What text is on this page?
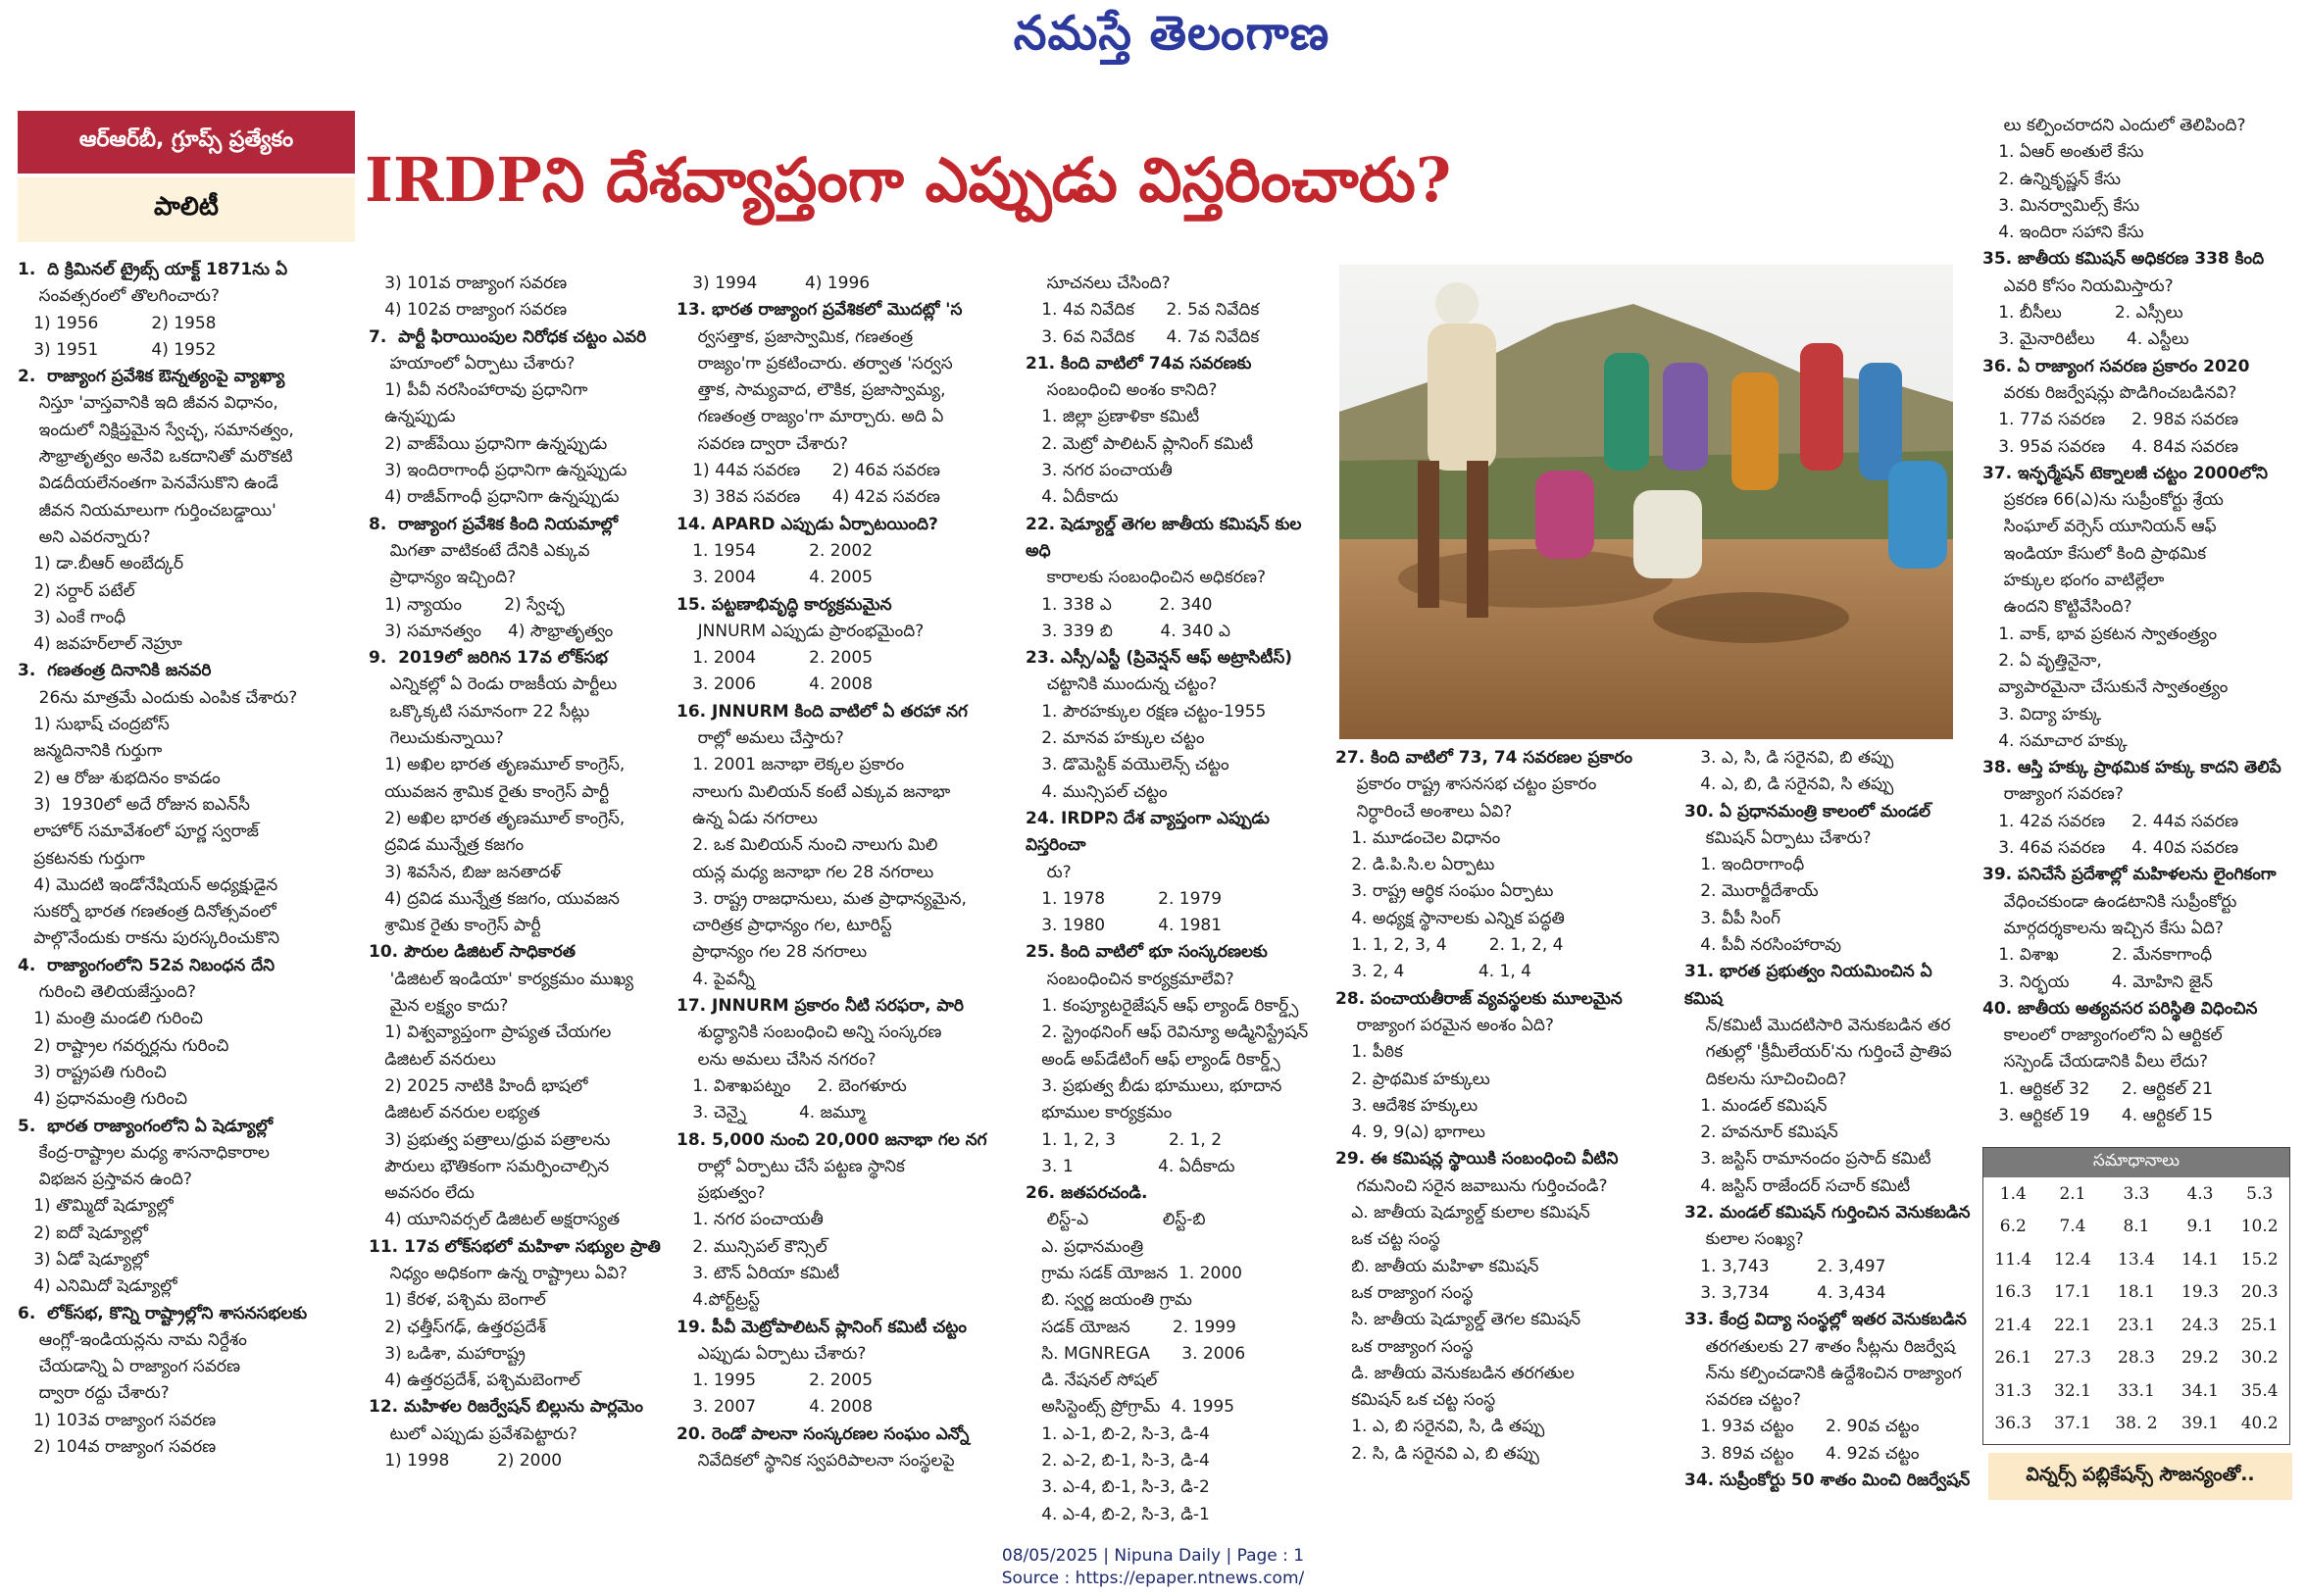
నమస్తే తెలంగాణ
ఆర్‌ఆర్‌బీ, గ్రూప్స్ ప్రత్యేకం
పాలిటీ	IRDPని దేశవ్యాప్తంగా ఎప్పుడు విస్తరించారు?

1.  ది క్రిమినల్ ట్రైబ్స్ యాక్ట్ 1871ను ఏ

సంవత్సరంలో తొలగించారు?

1) 1956          2) 1958

3) 1951          4) 1952

2.  రాజ్యాంగ ప్రవేశిక ఔన్నత్యంపై వ్యాఖ్యా

నిస్తూ 'వాస్తవానికి ఇది జీవన విధానం,

ఇందులో నిక్షిప్తమైన స్వేచ్ఛ, సమానత్వం,

సౌభ్రాతృత్వం అనేవి ఒకదానితో మరొకటి

విడదీయలేనంతగా పెనవేసుకొని ఉండే

జీవన నియమాలుగా గుర్తించబడ్డాయి'

అని ఎవరన్నారు?

1) డా.బీఆర్ అంబేద్కర్

2) సర్దార్ పటేల్

3) ఎంకే గాంధీ

4) జవహర్‌లాల్ నెహ్రూ

3.  గణతంత్ర దినానికి జనవరి

26ను మాత్రమే ఎందుకు ఎంపిక చేశారు?

1) సుభాష్ చంద్రబోస్

జన్మదినానికి గుర్తుగా

2) ఆ రోజు శుభదినం కావడం

3)  1930లో అదే రోజున ఐఎన్‌సీ

లాహోర్ సమావేశంలో పూర్ణ స్వరాజ్

ప్రకటనకు గుర్తుగా

4) మొదటి ఇండోనేషియన్ అధ్యక్షుడైన

సుకర్నో భారత గణతంత్ర దినోత్సవంలో

పాల్గొనేందుకు రాకను పురస్కరించుకొని

4.  రాజ్యాంగంలోని 52వ నిబంధన దేని

గురించి తెలియజేస్తుంది?

1) మంత్రి మండలి గురించి

2) రాష్ట్రాల గవర్నర్లను గురించి

3) రాష్ట్రపతి గురించి

4) ప్రధానమంత్రి గురించి

5.  భారత రాజ్యాంగంలోని ఏ షెడ్యూల్లో

కేంద్ర-రాష్ట్రాల మధ్య శాసనాధికారాల

విభజన ప్రస్తావన ఉంది?

1) తొమ్మిదో షెడ్యూల్లో

2) ఐదో షెడ్యూల్లో

3) ఏడో షెడ్యూల్లో

4) ఎనిమిదో షెడ్యూల్లో

6.  లోక్‌సభ, కొన్ని రాష్ట్రాల్లోని శాసనసభలకు

ఆంగ్లో-ఇండియన్లను నామ నిర్దేశం

చేయడాన్ని ఏ రాజ్యాంగ సవరణ

ద్వారా రద్దు చేశారు?

1) 103వ రాజ్యాంగ సవరణ

2) 104వ రాజ్యాంగ సవరణ

3) 101వ రాజ్యాంగ సవరణ

4) 102వ రాజ్యాంగ సవరణ

7.  పార్టీ ఫిరాయింపుల నిరోధక చట్టం ఎవరి

హయాంలో ఏర్పాటు చేశారు?

1) పీవీ నరసింహారావు ప్రధానిగా

ఉన్నప్పుడు

2) వాజ్‌పేయి ప్రధానిగా ఉన్నప్పుడు

3) ఇందిరాగాంధీ ప్రధానిగా ఉన్నప్పుడు

4) రాజీవ్‌గాంధీ ప్రధానిగా ఉన్నప్పుడు

8.  రాజ్యాంగ ప్రవేశిక కింది నియమాల్లో

మిగతా వాటికంటే దేనికి ఎక్కువ

ప్రాధాన్యం ఇచ్చింది?

1) న్యాయం        2) స్వేచ్ఛ

3) సమానత్వం     4) సౌభ్రాతృత్వం

9.  2019లో జరిగిన 17వ లోక్‌సభ

ఎన్నికల్లో ఏ రెండు రాజకీయ పార్టీలు

ఒక్కొక్కటి సమానంగా 22 సీట్లు

గెలుచుకున్నాయి?

1) అఖిల భారత తృణమూల్ కాంగ్రెస్,

యువజన శ్రామిక రైతు కాంగ్రెస్ పార్టీ

2) అఖిల భారత తృణమూల్ కాంగ్రెస్,

ద్రవిడ మున్నేత్ర కజగం

3) శివసేన, బిజు జనతాదళ్

4) ద్రవిడ మున్నేత్ర కజగం, యువజన

శ్రామిక రైతు కాంగ్రెస్ పార్టీ

10. పౌరుల డిజిటల్ సాధికారత

'డిజిటల్ ఇండియా' కార్యక్రమం ముఖ్య

మైన లక్ష్యం కాదు?

1) విశ్వవ్యాప్తంగా ప్రాప్యత చేయగల

డిజిటల్ వనరులు

2) 2025 నాటికి హిందీ భాషలో

డిజిటల్ వనరుల లభ్యత

3) ప్రభుత్వ పత్రాలు/ధ్రువ పత్రాలను

పౌరులు భౌతికంగా సమర్పించాల్సిన

అవసరం లేదు

4) యూనివర్సల్ డిజిటల్ అక్షరాస్యత

11. 17వ లోక్‌సభలో మహిళా సభ్యుల ప్రాతి

నిధ్యం అధికంగా ఉన్న రాష్ట్రాలు ఏవి?

1) కేరళ, పశ్చిమ బెంగాల్

2) ఛత్తీస్‌గఢ్, ఉత్తరప్రదేశ్

3) ఒడిశా, మహారాష్ట్ర

4) ఉత్తరప్రదేశ్, పశ్చిమబెంగాల్

12. మహిళల రిజర్వేషన్ బిల్లును పార్లమెం

టులో ఎప్పుడు ప్రవేశపెట్టారు?

1) 1998         2) 2000

3) 1994         4) 1996

13. భారత రాజ్యాంగ ప్రవేశికలో మొదట్లో 'స

ర్వసత్తాక, ప్రజాస్వామిక, గణతంత్ర

రాజ్యం'గా ప్రకటించారు. తర్వాత 'సర్వస

త్తాక, సామ్యవాద, లౌకిక, ప్రజాస్వామ్య,

గణతంత్ర రాజ్యం'గా మార్చారు. అది ఏ

సవరణ ద్వారా చేశారు?

1) 44వ సవరణ      2) 46వ సవరణ

3) 38వ సవరణ      4) 42వ సవరణ

14. APARD ఎప్పుడు ఏర్పాటయింది?

1. 1954          2. 2002

3. 2004          4. 2005

15. పట్టణాభివృద్ధి కార్యక్రమమైన

JNNURM ఎప్పుడు ప్రారంభమైంది?

1. 2004          2. 2005

3. 2006          4. 2008

16. JNNURM కింది వాటిలో ఏ తరహా నగ

రాల్లో అమలు చేస్తారు?

1. 2001 జనాభా లెక్కల ప్రకారం

నాలుగు మిలియన్ కంటే ఎక్కువ జనాభా

ఉన్న ఏడు నగరాలు

2. ఒక మిలియన్ నుంచి నాలుగు మిలి

యన్ల మధ్య జనాభా గల 28 నగరాలు

3. రాష్ట్ర రాజధానులు, మత ప్రాధాన్యమైన,

చారిత్రక ప్రాధాన్యం గల, టూరిస్ట్

ప్రాధాన్యం గల 28 నగరాలు

4. పైవన్నీ

17. JNNURM ప్రకారం నీటి సరఫరా, పారి

శుద్ధ్యానికి సంబంధించి అన్ని సంస్కరణ

లను అమలు చేసిన నగరం?

1. విశాఖపట్నం     2. బెంగళూరు

3. చెన్నై          4. జమ్మూ

18. 5,000 నుంచి 20,000 జనాభా గల నగ

రాల్లో ఏర్పాటు చేసే పట్టణ స్థానిక

ప్రభుత్వం?

1. నగర పంచాయతీ

2. మున్సిపల్ కౌన్సిల్

3. టౌన్ ఏరియా కమిటీ

4.పోర్ట్‌ట్రస్ట్

19. పీవీ మెట్రోపాలిటన్ ప్లానింగ్ కమిటీ చట్టం

ఎప్పుడు ఏర్పాటు చేశారు?

1. 1995          2. 2005

3. 2007          4. 2008

20. రెండో పాలనా సంస్కరణల సంఘం ఎన్నో

నివేదికలో స్థానిక స్వపరిపాలనా సంస్థలపై

సూచనలు చేసింది?

1. 4వ నివేదిక      2. 5వ నివేదిక

3. 6వ నివేదిక      4. 7వ నివేదిక

21. కింది వాటిలో 74వ సవరణకు

సంబంధించి అంశం కానిది?

1. జిల్లా ప్రణాళికా కమిటీ

2. మెట్రో పాలిటన్ ప్లానింగ్ కమిటీ

3. నగర పంచాయతీ

4. ఏదీకాదు

22. షెడ్యూల్డ్ తెగల జాతీయ కమిషన్ కుల అధి

కారాలకు సంబంధించిన అధికరణ?

1. 338 ఎ         2. 340

3. 339 బి         4. 340 ఎ

23. ఎస్సీ/ఎస్టీ (ప్రివెన్షన్ ఆఫ్ అట్రాసిటీస్)

చట్టానికి ముందున్న చట్టం?

1. పౌరహక్కుల రక్షణ చట్టం-1955

2. మానవ హక్కుల చట్టం

3. డొమెస్టిక్ వయొలెన్స్ చట్టం

4. మున్సిపల్ చట్టం

24. IRDPని దేశ వ్యాప్తంగా ఎప్పుడు విస్తరించా

రు?

1. 1978          2. 1979

3. 1980          4. 1981

25. కింది వాటిలో భూ సంస్కరణలకు

సంబంధించిన కార్యక్రమాలేవి?

1. కంప్యూటరైజేషన్ ఆఫ్ ల్యాండ్ రికార్డ్స్

2. స్ట్రెంథనింగ్ ఆఫ్ రెవిన్యూ అడ్మినిస్ట్రేషన్

అండ్ అప్‌డేటింగ్ ఆఫ్ ల్యాండ్ రికార్డ్స్

3. ప్రభుత్వ బీడు భూములు, భూదాన

భూముల కార్యక్రమం

1. 1, 2, 3          2. 1, 2

3. 1                4. ఏదీకాదు

26. జతపరచండి.

లిస్ట్-ఎ              లిస్ట్-బి

ఎ. ప్రధానమంత్రి

గ్రామ సడక్ యోజన  1. 2000

బి. స్వర్ణ జయంతి గ్రామ

సడక్ యోజన        2. 1999

సి. MGNREGA      3. 2006

డి. నేషనల్ సోషల్

అసిస్టెంట్స్ ప్రోగ్రామ్  4. 1995

1. ఎ-1, బి-2, సి-3, డి-4

2. ఎ-2, బి-1, సి-3, డి-4

3. ఎ-4, బి-1, సి-3, డి-2

4. ఎ-4, బి-2, సి-3, డి-1

27. కింది వాటిలో 73, 74 సవరణల ప్రకారం

ప్రకారం రాష్ట్ర శాసనసభ చట్టం ప్రకారం

నిర్ధారించే అంశాలు ఏవి?

1. మూడంచెల విధానం

2. డి.పి.సి.ల ఏర్పాటు

3. రాష్ట్ర ఆర్థిక సంఘం ఏర్పాటు

4. అధ్యక్ష స్థానాలకు ఎన్నిక పద్ధతి

1. 1, 2, 3, 4        2. 1, 2, 4

3. 2, 4              4. 1, 4

28. పంచాయతీరాజ్ వ్యవస్థలకు మూలమైన

రాజ్యాంగ పరమైన అంశం ఏది?

1. పీఠిక

2. ప్రాథమిక హక్కులు

3. ఆదేశిక హక్కులు

4. 9, 9(ఎ) భాగాలు

29. ఈ కమిషన్ల స్థాయికి సంబంధించి వీటిని

గమనించి సరైన జవాబును గుర్తించండి?

ఎ. జాతీయ షెడ్యూల్డ్ కులాల కమిషన్

ఒక చట్ట సంస్థ

బి. జాతీయ మహిళా కమిషన్

ఒక రాజ్యాంగ సంస్థ

సి. జాతీయ షెడ్యూల్డ్ తెగల కమిషన్

ఒక రాజ్యాంగ సంస్థ

డి. జాతీయ వెనుకబడిన తరగతుల

కమిషన్ ఒక చట్ట సంస్థ

1. ఎ, బి సరైనవి, సి, డి తప్పు

2. సి, డి సరైనవి ఎ, బి తప్పు

3. ఎ, సి, డి సరైనవి, బి తప్పు

4. ఎ, బి, డి సరైనవి, సి తప్పు

30. ఏ ప్రధానమంత్రి కాలంలో మండల్

కమిషన్ ఏర్పాటు చేశారు?

1. ఇందిరాగాంధీ

2. మొరార్జీదేశాయ్

3. వీపీ సింగ్

4. పీవీ నరసింహారావు

31. భారత ప్రభుత్వం నియమించిన ఏ కమిష

న్/కమిటీ మొదటిసారి వెనుకబడిన తర

గతుల్లో 'క్రీమీలేయర్'ను గుర్తించే ప్రాతిప

దికలను సూచించింది?

1. మండల్ కమిషన్

2. హవనూర్ కమిషన్

3. జస్టిస్ రామానందం ప్రసాద్ కమిటీ

4. జస్టిస్ రాజేందర్ సచార్ కమిటీ

32. మండల్ కమిషన్ గుర్తించిన వెనుకబడిన

కులాల సంఖ్య?

1. 3,743         2. 3,497

3. 3,734         4. 3,434

33. కేంద్ర విద్యా సంస్థల్లో ఇతర వెనుకబడిన

తరగతులకు 27 శాతం సీట్లను రిజర్వేష

న్‌ను కల్పించడానికి ఉద్దేశించిన రాజ్యాంగ

సవరణ చట్టం?

1. 93వ చట్టం      2. 90వ చట్టం

3. 89వ చట్టం      4. 92వ చట్టం

34. సుప్రీంకోర్టు 50 శాతం మించి రిజర్వేషన్

లు కల్పించరాదని ఎందులో తెలిపింది?

1. ఏఆర్ అంతులే కేసు

2. ఉన్నికృష్ణన్ కేసు

3. మినర్వామిల్స్ కేసు

4. ఇందిరా సహాని కేసు

35. జాతీయ కమిషన్ అధికరణ 338 కింది

ఎవరి కోసం నియమిస్తారు?

1. బీసీలు          2. ఎస్సీలు

3. మైనారిటీలు      4. ఎస్టీలు

36. ఏ రాజ్యాంగ సవరణ ప్రకారం 2020

వరకు రిజర్వేషన్లు పొడిగించబడినవి?

1. 77వ సవరణ     2. 98వ సవరణ

3. 95వ సవరణ     4. 84వ సవరణ

37. ఇన్ఫర్మేషన్ టెక్నాలజీ చట్టం 2000లోని

ప్రకరణ 66(ఎ)ను సుప్రీంకోర్టు శ్రేయ

సింఘాల్ వర్సెస్ యూనియన్ ఆఫ్

ఇండియా కేసులో కింది ప్రాథమిక

హక్కుల భంగం వాటిల్లేలా

ఉందని కొట్టివేసింది?

1. వాక్, భావ ప్రకటన స్వాతంత్ర్యం

2. ఏ వృత్తినైనా,

వ్యాపారమైనా చేసుకునే స్వాతంత్ర్యం

3. విద్యా హక్కు

4. సమాచార హక్కు

38. ఆస్తి హక్కు ప్రాథమిక హక్కు కాదని తెలిపే

రాజ్యాంగ సవరణ?

1. 42వ సవరణ     2. 44వ సవరణ

3. 46వ సవరణ     4. 40వ సవరణ

39. పనిచేసే ప్రదేశాల్లో మహిళలను లైంగికంగా

వేధించకుండా ఉండటానికి సుప్రీంకోర్టు

మార్గదర్శకాలను ఇచ్చిన కేసు ఏది?

1. విశాఖ          2. మేనకాగాంధీ

3. నిర్భయ        4. మోహిని జైన్

40. జాతీయ అత్యవసర పరిస్థితి విధించిన

కాలంలో రాజ్యాంగంలోని ఏ ఆర్టికల్

సస్పెండ్ చేయడానికి వీలు లేదు?

1. ఆర్టికల్ 32      2. ఆర్టికల్ 21

3. ఆర్టికల్ 19      4. ఆర్టికల్ 15

సమాధానాలు
1.4	2.1	3.3	4.3	5.3
6.2	7.4	8.1	9.1	10.2
11.4	12.4	13.4	14.1	15.2
16.3	17.1	18.1	19.3	20.3
21.4	22.1	23.1	24.3	25.1
26.1	27.3	28.3	29.2	30.2
31.3	32.1	33.1	34.1	35.4
36.3	37.1	38. 2	39.1	40.2
విన్నర్స్ పబ్లికేషన్స్ సౌజన్యంతో..
08/05/2025 | Nipuna Daily | Page : 1
Source : https://epaper.ntnews.com/
